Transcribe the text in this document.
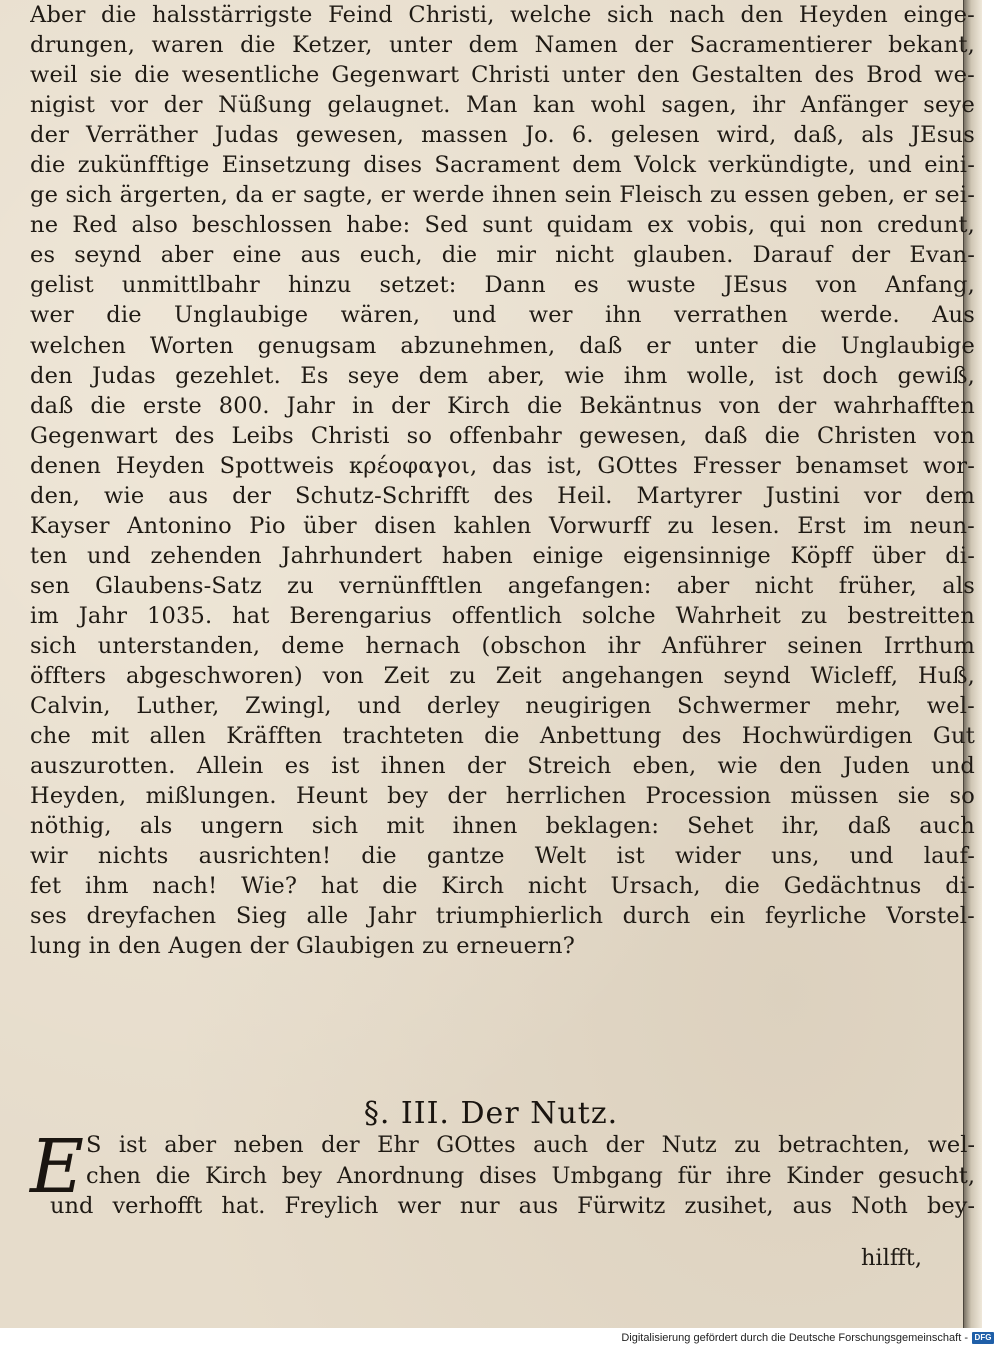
Aber die halsstärrigste Feind Christi, welche sich nach den Heyden einge-
drungen, waren die Ketzer, unter dem Namen der Sacramentierer bekant,
weil sie die wesentliche Gegenwart Christi unter den Gestalten des Brod we-
nigist vor der Nüßung gelaugnet. Man kan wohl sagen, ihr Anfänger seye
der Verräther Judas gewesen, massen Jo. 6. gelesen wird, daß, als JEsus
die zukünfftige Einsetzung dises Sacrament dem Volck verkündigte, und eini-
ge sich ärgerten, da er sagte, er werde ihnen sein Fleisch zu essen geben, er sei-
ne Red also beschlossen habe: Sed sunt quidam ex vobis, qui non credunt,
es seynd aber eine aus euch, die mir nicht glauben. Darauf der Evan-
gelist unmittlbahr hinzu setzet: Dann es wuste JEsus von Anfang,
wer die Unglaubige wären, und wer ihn verrathen werde. Aus
welchen Worten genugsam abzunehmen, daß er unter die Unglaubige
den Judas gezehlet. Es seye dem aber, wie ihm wolle, ist doch gewiß,
daß die erste 800. Jahr in der Kirch die Bekäntnus von der wahrhafften
Gegenwart des Leibs Christi so offenbahr gewesen, daß die Christen von
denen Heyden Spottweis κρέοφαγοι, das ist, GOttes Fresser benamset wor-
den, wie aus der Schutz-Schrifft des Heil. Martyrer Justini vor dem
Kayser Antonino Pio über disen kahlen Vorwurff zu lesen. Erst im neun-
ten und zehenden Jahrhundert haben einige eigensinnige Köpff über di-
sen Glaubens-Satz zu vernünfftlen angefangen: aber nicht früher, als
im Jahr 1035. hat Berengarius offentlich solche Wahrheit zu bestreitten
sich unterstanden, deme hernach (obschon ihr Anführer seinen Irrthum
öffters abgeschworen) von Zeit zu Zeit angehangen seynd Wicleff, Huß,
Calvin, Luther, Zwingl, und derley neugirigen Schwermer mehr, wel-
che mit allen Kräfften trachteten die Anbettung des Hochwürdigen Gut
auszurotten. Allein es ist ihnen der Streich eben, wie den Juden und
Heyden, mißlungen. Heunt bey der herrlichen Procession müssen sie so
nöthig, als ungern sich mit ihnen beklagen: Sehet ihr, daß auch
wir nichts ausrichten! die gantze Welt ist wider uns, und lauf-
fet ihm nach! Wie? hat die Kirch nicht Ursach, die Gedächtnus di-
ses dreyfachen Sieg alle Jahr triumphierlich durch ein feyrliche Vorstel-
lung in den Augen der Glaubigen zu erneuern?
§. III. Der Nutz.
E S ist aber neben der Ehr GOttes auch der Nutz zu betrachten, wel-
chen die Kirch bey Anordnung dises Umbgang für ihre Kinder gesucht,
und verhofft hat. Freylich wer nur aus Fürwitz zusihet, aus Noth bey-
hilfft,
Digitalisierung gefördert durch die Deutsche Forschungsgemeinschaft - DFG
